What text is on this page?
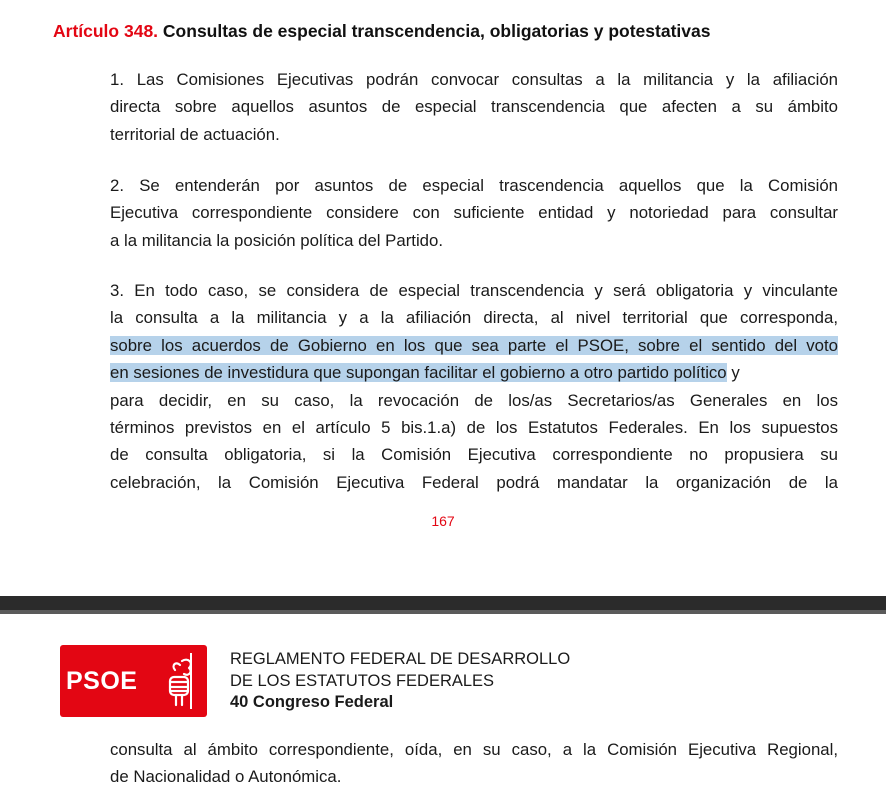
Artículo 348. Consultas de especial transcendencia, obligatorias y potestativas

1. Las Comisiones Ejecutivas podrán convocar consultas a la militancia y la afiliación
directa sobre aquellos asuntos de especial transcendencia que afecten a su ámbito
territorial de actuación.

2. Se entenderán por asuntos de especial trascendencia aquellos que la Comisión
Ejecutiva correspondiente considere con suficiente entidad y notoriedad para consultar
a la militancia la posición política del Partido.

3. En todo caso, se considera de especial transcendencia y será obligatoria y vinculante
la consulta a la militancia y a la afiliación directa, al nivel territorial que corresponda,
sobre los acuerdos de Gobierno en los que sea parte el PSOE, sobre el sentido del voto
en sesiones de investidura que supongan facilitar el gobierno a otro partido político y
para decidir, en su caso, la revocación de los/as Secretarios/as Generales en los
términos previstos en el artículo 5 bis.1.a) de los Estatutos Federales. En los supuestos
de consulta obligatoria, si la Comisión Ejecutiva correspondiente no propusiera su
celebración, la Comisión Ejecutiva Federal podrá mandatar la organización de la

167
PSOE
REGLAMENTO FEDERAL DE DESARROLLO
DE LOS ESTATUTOS FEDERALES
40 Congreso Federal

consulta al ámbito correspondiente, oída, en su caso, a la Comisión Ejecutiva Regional,
de Nacionalidad o Autonómica.
